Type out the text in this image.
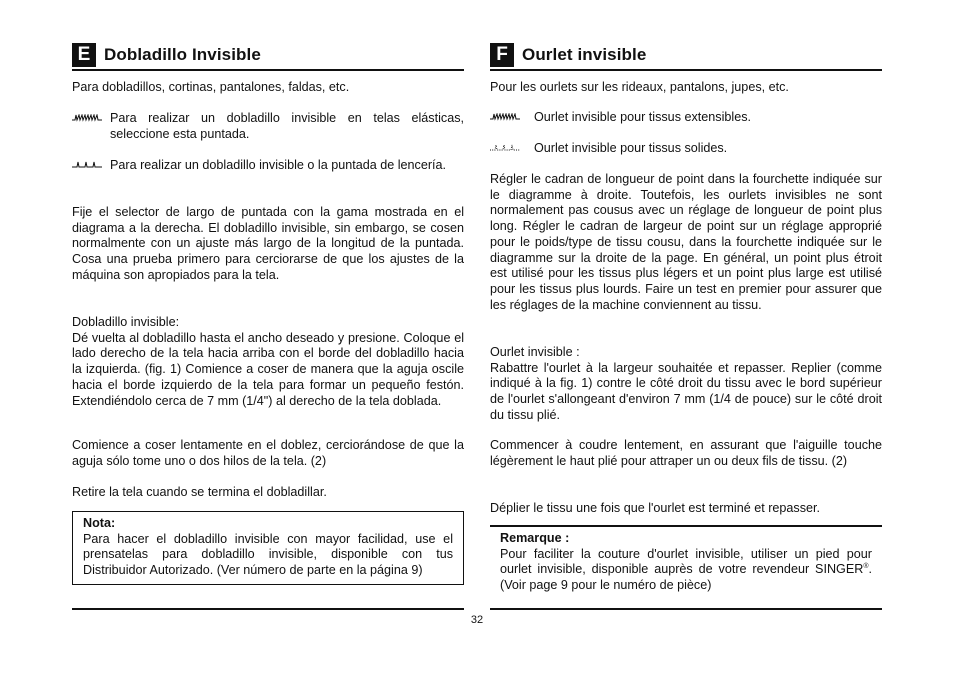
E Dobladillo Invisible

Para dobladillos, cortinas, pantalones, faldas, etc.

Para realizar un dobladillo invisible en telas elásticas, seleccione esta puntada.

Para realizar un dobladillo invisible o la puntada de lencería.

Fije el selector de largo de puntada con la gama mostrada en el diagrama a la derecha. El dobladillo invisible, sin embargo, se cosen normalmente con un ajuste más largo de la longitud de la puntada. Cosa una prueba primero para cerciorarse de que los ajustes de la máquina son apropiados para la tela.

Dobladillo invisible:

Dé vuelta al dobladillo hasta el ancho deseado y presione. Coloque el lado derecho de la tela hacia arriba con el borde del dobladillo hacia la izquierda. (fig. 1) Comience a coser de manera que la aguja oscile hacia el borde izquierdo de la tela para formar un pequeño festón. Extendiéndolo cerca de 7 mm (1/4") al derecho de la tela doblada.

Comience a coser lentamente en el doblez, cerciorándose de que la aguja sólo tome uno o dos hilos de la tela. (2)

Retire la tela cuando se termina el dobladillar.

Nota:

Para hacer el dobladillo invisible con mayor facilidad, use el prensatelas para dobladillo invisible, disponible con tus Distribuidor Autorizado. (Ver número de parte en la página 9)

F Ourlet invisible

Pour les ourlets sur les rideaux, pantalons, jupes, etc.

Ourlet invisible pour tissus extensibles.

Ourlet invisible pour tissus solides.

Régler le cadran de longueur de point dans la fourchette indiquée sur le diagramme à droite. Toutefois, les ourlets invisibles ne sont normalement pas cousus avec un réglage de longueur de point plus long. Régler le cadran de largeur de point sur un réglage approprié pour le poids/type de tissu cousu, dans la fourchette indiquée sur le diagramme sur la droite de la page. En général, un point plus étroit est utilisé pour les tissus plus légers et un point plus large est utilisé pour les tissus plus lourds. Faire un test en premier pour assurer que les réglages de la machine conviennent au tissu.

Ourlet invisible :

Rabattre l'ourlet à la largeur souhaitée et repasser. Replier (comme indiqué à la fig. 1) contre le côté droit du tissu avec le bord supérieur de l'ourlet s'allongeant d'environ 7 mm (1/4 de pouce) sur le côté droit du tissu plié.

Commencer à coudre lentement, en assurant que l'aiguille touche légèrement le haut plié pour attraper un ou deux fils de tissu. (2)

Déplier le tissu une fois que l'ourlet est terminé et repasser.

Remarque :

Pour faciliter la couture d'ourlet invisible, utiliser un pied pour ourlet invisible, disponible auprès de votre revendeur SINGER®. (Voir page 9 pour le numéro de pièce)

32
